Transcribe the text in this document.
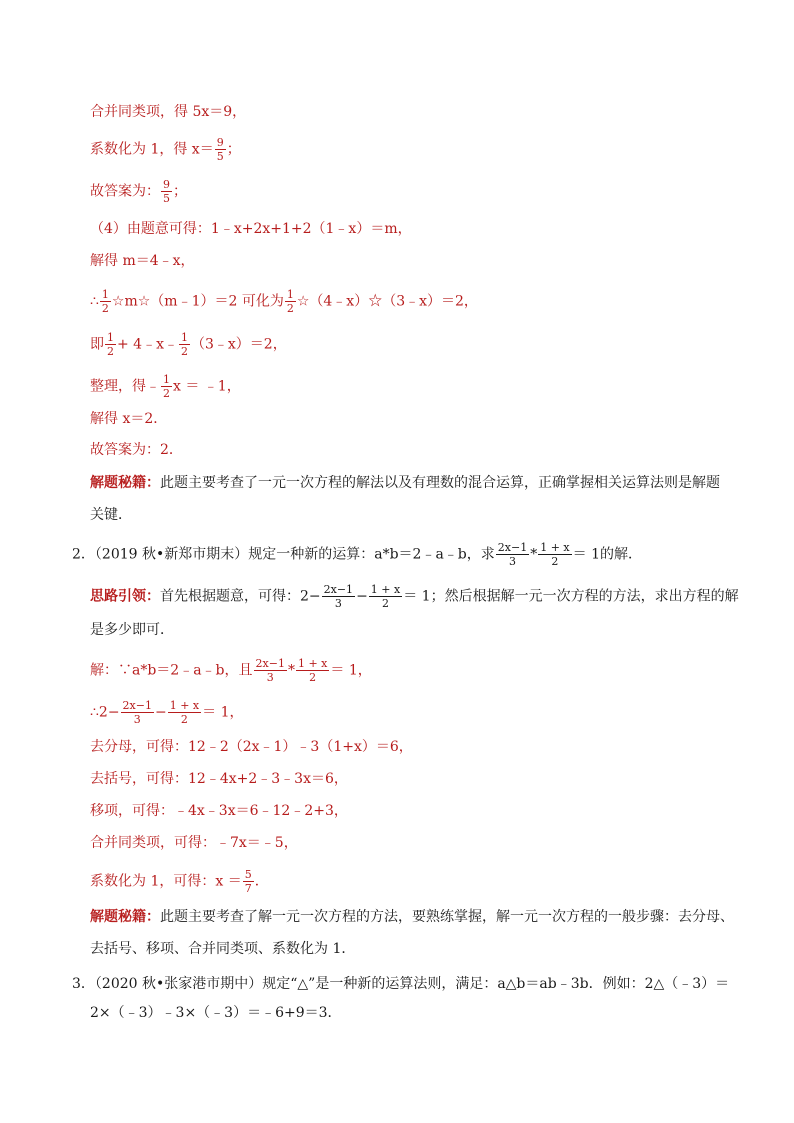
合并同类项，得 5x＝9，
系数化为 1，得 $x= \frac{9}{5}$ ；
故答案为： $\frac{9}{5}$ ；
（4）由题意可得：1﹣x+2x+1+2（1﹣x）＝m，
解得 m＝4﹣x，
∴ $\frac{1}{2}$ ☆m☆（m﹣1）＝2 可化为 $\frac{1}{2}$ ☆（4﹣x）☆（3﹣x）＝2，
即 $\frac{1}{2}$ + 4﹣x﹣ $\frac{1}{2}$ （3﹣x）＝2，
整理，得﹣ $\frac{1}{2}$ x ＝ ﹣1，
解得 x＝2．
故答案为：2．
解题秘籍：此题主要考查了一元一次方程的解法以及有理数的混合运算，正确掌握相关运算法则是解题
关键．
2．（2019 秋•新郑市期末）规定一种新的运算：a*b＝2﹣a﹣b，求 $\frac{2x-1}{3} * \frac{1 + x}{2} = 1$的解．
思路引领：首先根据题意，可得：$2- \frac{2x-1}{3} - \frac{1 + x}{2} = 1$；然后根据解一元一次方程的方法，求出方程的解
是多少即可．
解：∵a*b＝2﹣a﹣b，且 $\frac{2x-1}{3} * \frac{1 + x}{2} = 1$，
∴2− $\frac{2x-1}{3} - \frac{1 + x}{2} = 1$，
去分母，可得：12﹣2（2x﹣1）﹣3（1+x）＝6，
去括号，可得：12﹣4x+2﹣3﹣3x＝6，
移项，可得：﹣4x﹣3x＝6﹣12﹣2+3，
合并同类项，可得：﹣7x＝﹣5，
系数化为 1，可得：$x = \frac{5}{7}$ ．
解题秘籍：此题主要考查了解一元一次方程的方法，要熟练掌握，解一元一次方程的一般步骤：去分母、
去括号、移项、合并同类项、系数化为 1．
3．（2020 秋•张家港市期中）规定“△”是一种新的运算法则，满足：a△b＝ab﹣3b．例如：2△（﹣3）＝
2×（﹣3）﹣3×（﹣3）＝﹣6+9＝3．
